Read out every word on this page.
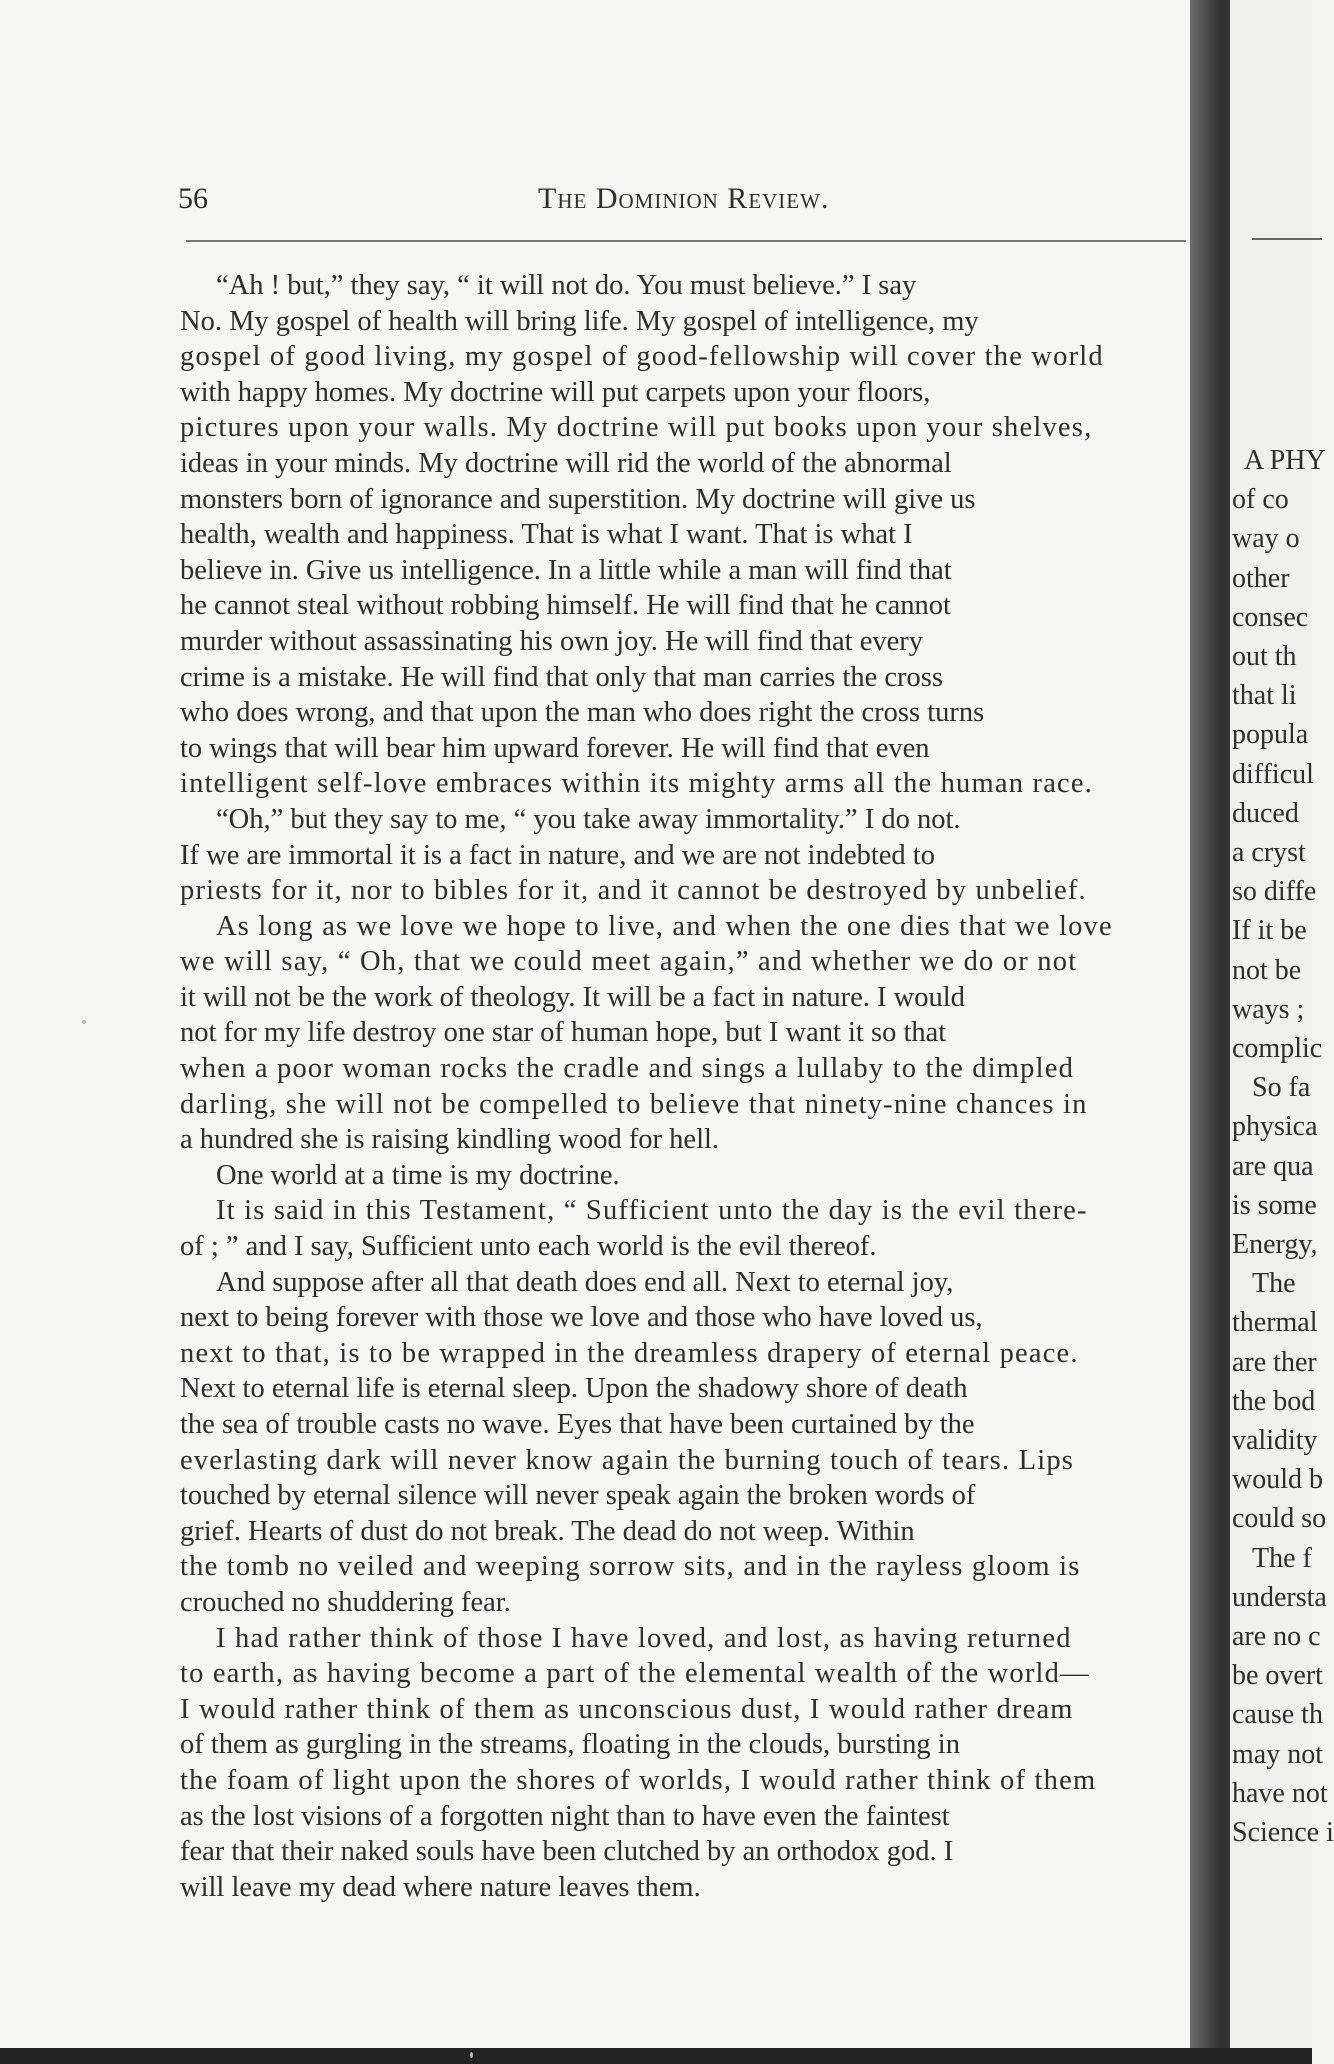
56	The Dominion Review.
“Ah ! but,” they say, “ it will not do. You must believe.” I say
No. My gospel of health will bring life. My gospel of intelligence, my
gospel of good living, my gospel of good-fellowship will cover the world
with happy homes. My doctrine will put carpets upon your floors,
pictures upon your walls. My doctrine will put books upon your shelves,
ideas in your minds. My doctrine will rid the world of the abnormal
monsters born of ignorance and superstition. My doctrine will give us
health, wealth and happiness. That is what I want. That is what I
believe in. Give us intelligence. In a little while a man will find that
he cannot steal without robbing himself. He will find that he cannot
murder without assassinating his own joy. He will find that every
crime is a mistake. He will find that only that man carries the cross
who does wrong, and that upon the man who does right the cross turns
to wings that will bear him upward forever. He will find that even
intelligent self-love embraces within its mighty arms all the human race.
“Oh,” but they say to me, “ you take away immortality.” I do not.
If we are immortal it is a fact in nature, and we are not indebted to
priests for it, nor to bibles for it, and it cannot be destroyed by unbelief.
As long as we love we hope to live, and when the one dies that we love
we will say, “ Oh, that we could meet again,” and whether we do or not
it will not be the work of theology. It will be a fact in nature. I would
not for my life destroy one star of human hope, but I want it so that
when a poor woman rocks the cradle and sings a lullaby to the dimpled
darling, she will not be compelled to believe that ninety-nine chances in
a hundred she is raising kindling wood for hell.
One world at a time is my doctrine.
It is said in this Testament, “ Sufficient unto the day is the evil there-
of ; ” and I say, Sufficient unto each world is the evil thereof.
And suppose after all that death does end all. Next to eternal joy,
next to being forever with those we love and those who have loved us,
next to that, is to be wrapped in the dreamless drapery of eternal peace.
Next to eternal life is eternal sleep. Upon the shadowy shore of death
the sea of trouble casts no wave. Eyes that have been curtained by the
everlasting dark will never know again the burning touch of tears. Lips
touched by eternal silence will never speak again the broken words of
grief. Hearts of dust do not break. The dead do not weep. Within
the tomb no veiled and weeping sorrow sits, and in the rayless gloom is
crouched no shuddering fear.
I had rather think of those I have loved, and lost, as having returned
to earth, as having become a part of the elemental wealth of the world—
I would rather think of them as unconscious dust, I would rather dream
of them as gurgling in the streams, floating in the clouds, bursting in
the foam of light upon the shores of worlds, I would rather think of them
as the lost visions of a forgotten night than to have even the faintest
fear that their naked souls have been clutched by an orthodox god. I
will leave my dead where nature leaves them.
A PHY
of co
way o
other
consec
out th
that li
popula
difficul
duced
a cryst
so diffe
If it be
not be
ways ;
complic
So fa
physica
are qua
is some
Energy,
The
thermal
are ther
the bod
validity
would b
could so
The f
understa
are no c
be overt
cause th
may not
have not
Science i
